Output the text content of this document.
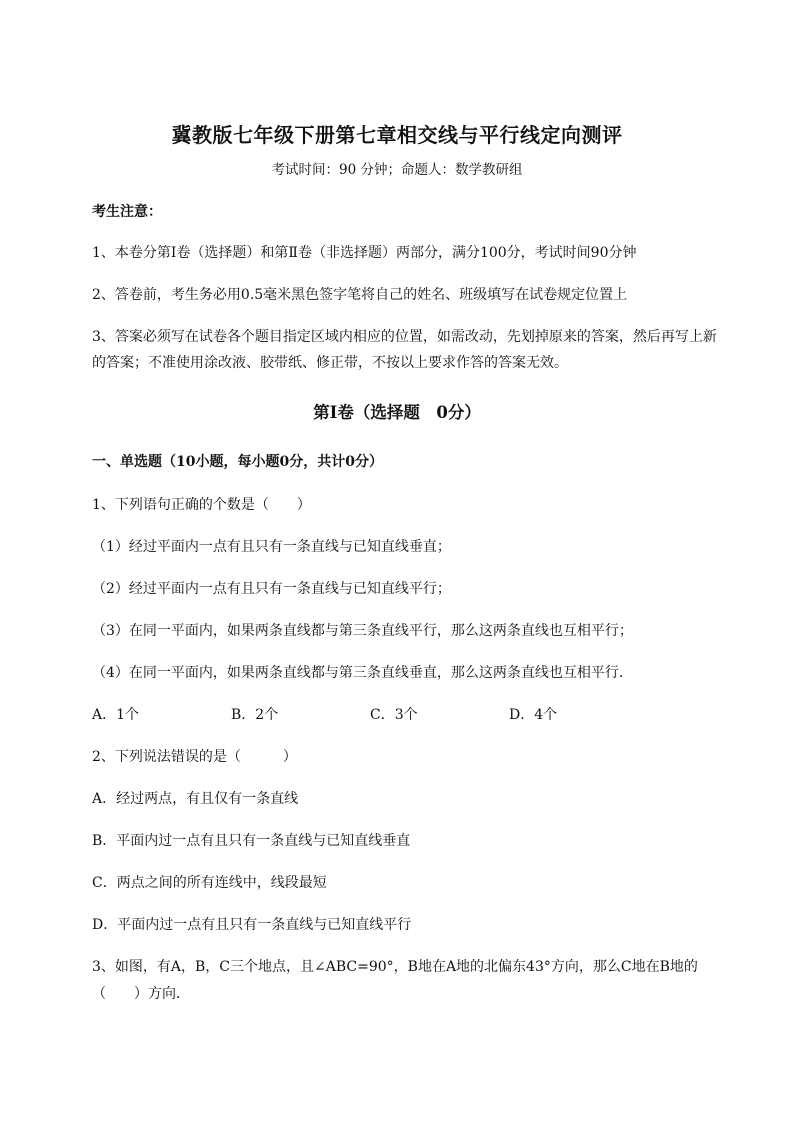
冀教版七年级下册第七章相交线与平行线定向测评

考试时间：90 分钟；命题人：数学教研组

考生注意：

1、本卷分第Ⅰ卷（选择题）和第Ⅱ卷（非选择题）两部分，满分100分，考试时间90分钟

2、答卷前，考生务必用0.5毫米黑色签字笔将自己的姓名、班级填写在试卷规定位置上

3、答案必须写在试卷各个题目指定区域内相应的位置，如需改动，先划掉原来的答案，然后再写上新

的答案；不准使用涂改液、胶带纸、修正带，不按以上要求作答的答案无效。

第Ⅰ卷（选择题　0分）

一、单选题（10小题，每小题0分，共计0分）

1、下列语句正确的个数是（　　）

（1）经过平面内一点有且只有一条直线与已知直线垂直；

（2）经过平面内一点有且只有一条直线与已知直线平行；

（3）在同一平面内，如果两条直线都与第三条直线平行，那么这两条直线也互相平行；

（4）在同一平面内，如果两条直线都与第三条直线垂直，那么这两条直线也互相平行．

A．1个	B．2个	C．3个	D．4个

2、下列说法错误的是（　　　）

A．经过两点，有且仅有一条直线

B．平面内过一点有且只有一条直线与已知直线垂直

C．两点之间的所有连线中，线段最短

D．平面内过一点有且只有一条直线与已知直线平行

3、如图，有A，B，C三个地点，且∠ABC=90°，B地在A地的北偏东43°方向，那么C地在B地的

（　　）方向．
